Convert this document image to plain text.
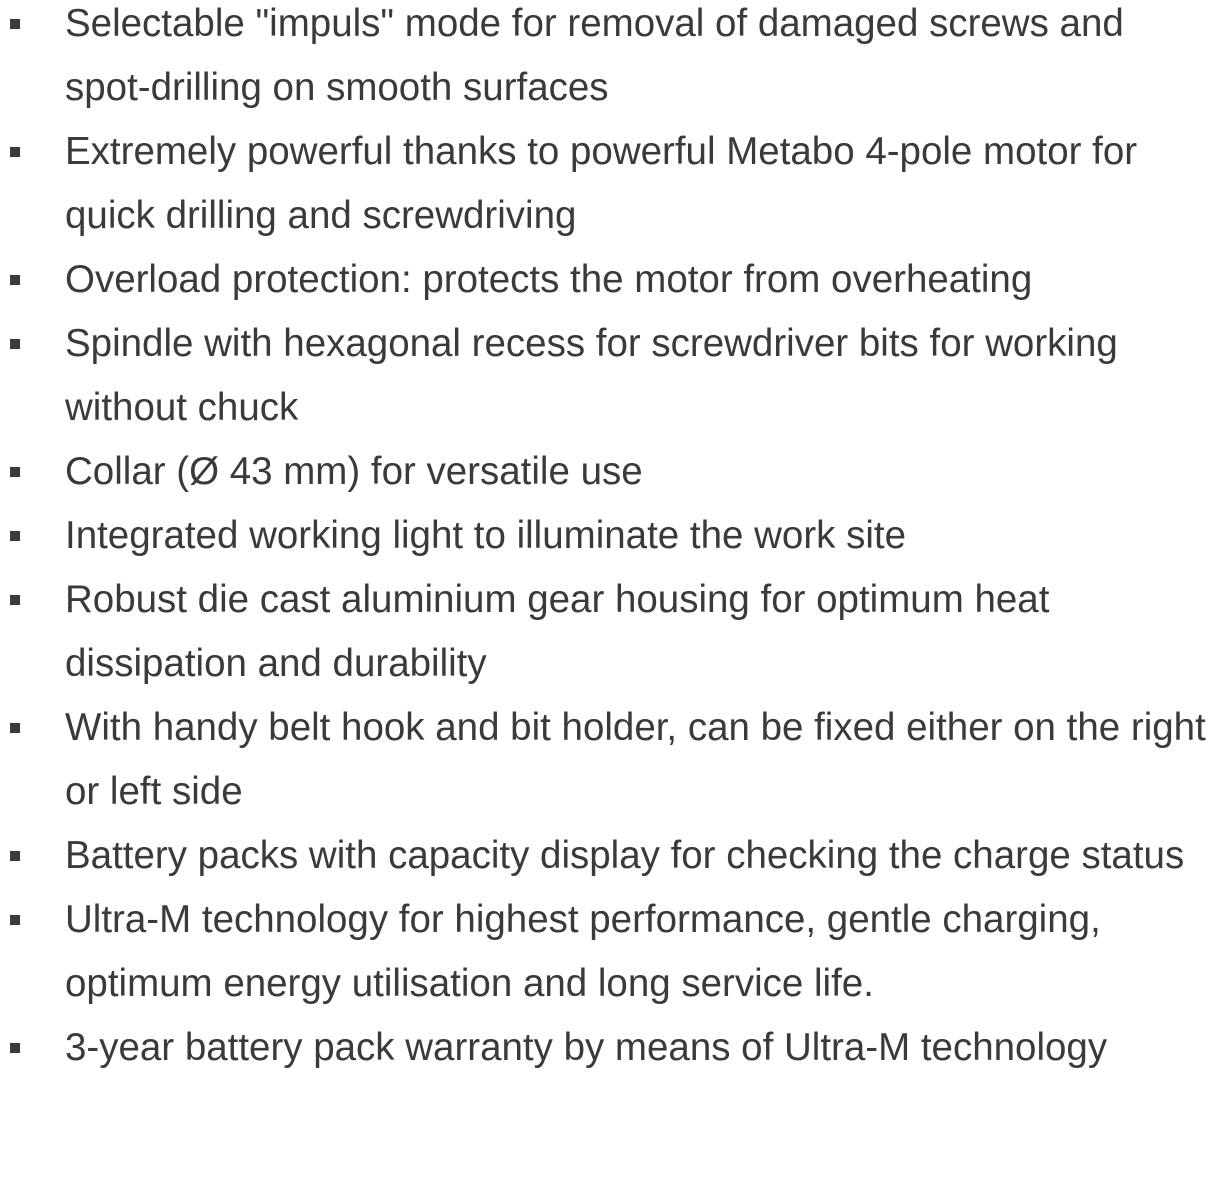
Selectable "impuls" mode for removal of damaged screws and spot-drilling on smooth surfaces
Extremely powerful thanks to powerful Metabo 4-pole motor for quick drilling and screwdriving
Overload protection: protects the motor from overheating
Spindle with hexagonal recess for screwdriver bits for working without chuck
Collar (Ø 43 mm) for versatile use
Integrated working light to illuminate the work site
Robust die cast aluminium gear housing for optimum heat dissipation and durability
With handy belt hook and bit holder, can be fixed either on the right or left side
Battery packs with capacity display for checking the charge status
Ultra-M technology for highest performance, gentle charging, optimum energy utilisation and long service life.
3-year battery pack warranty by means of Ultra-M technology
